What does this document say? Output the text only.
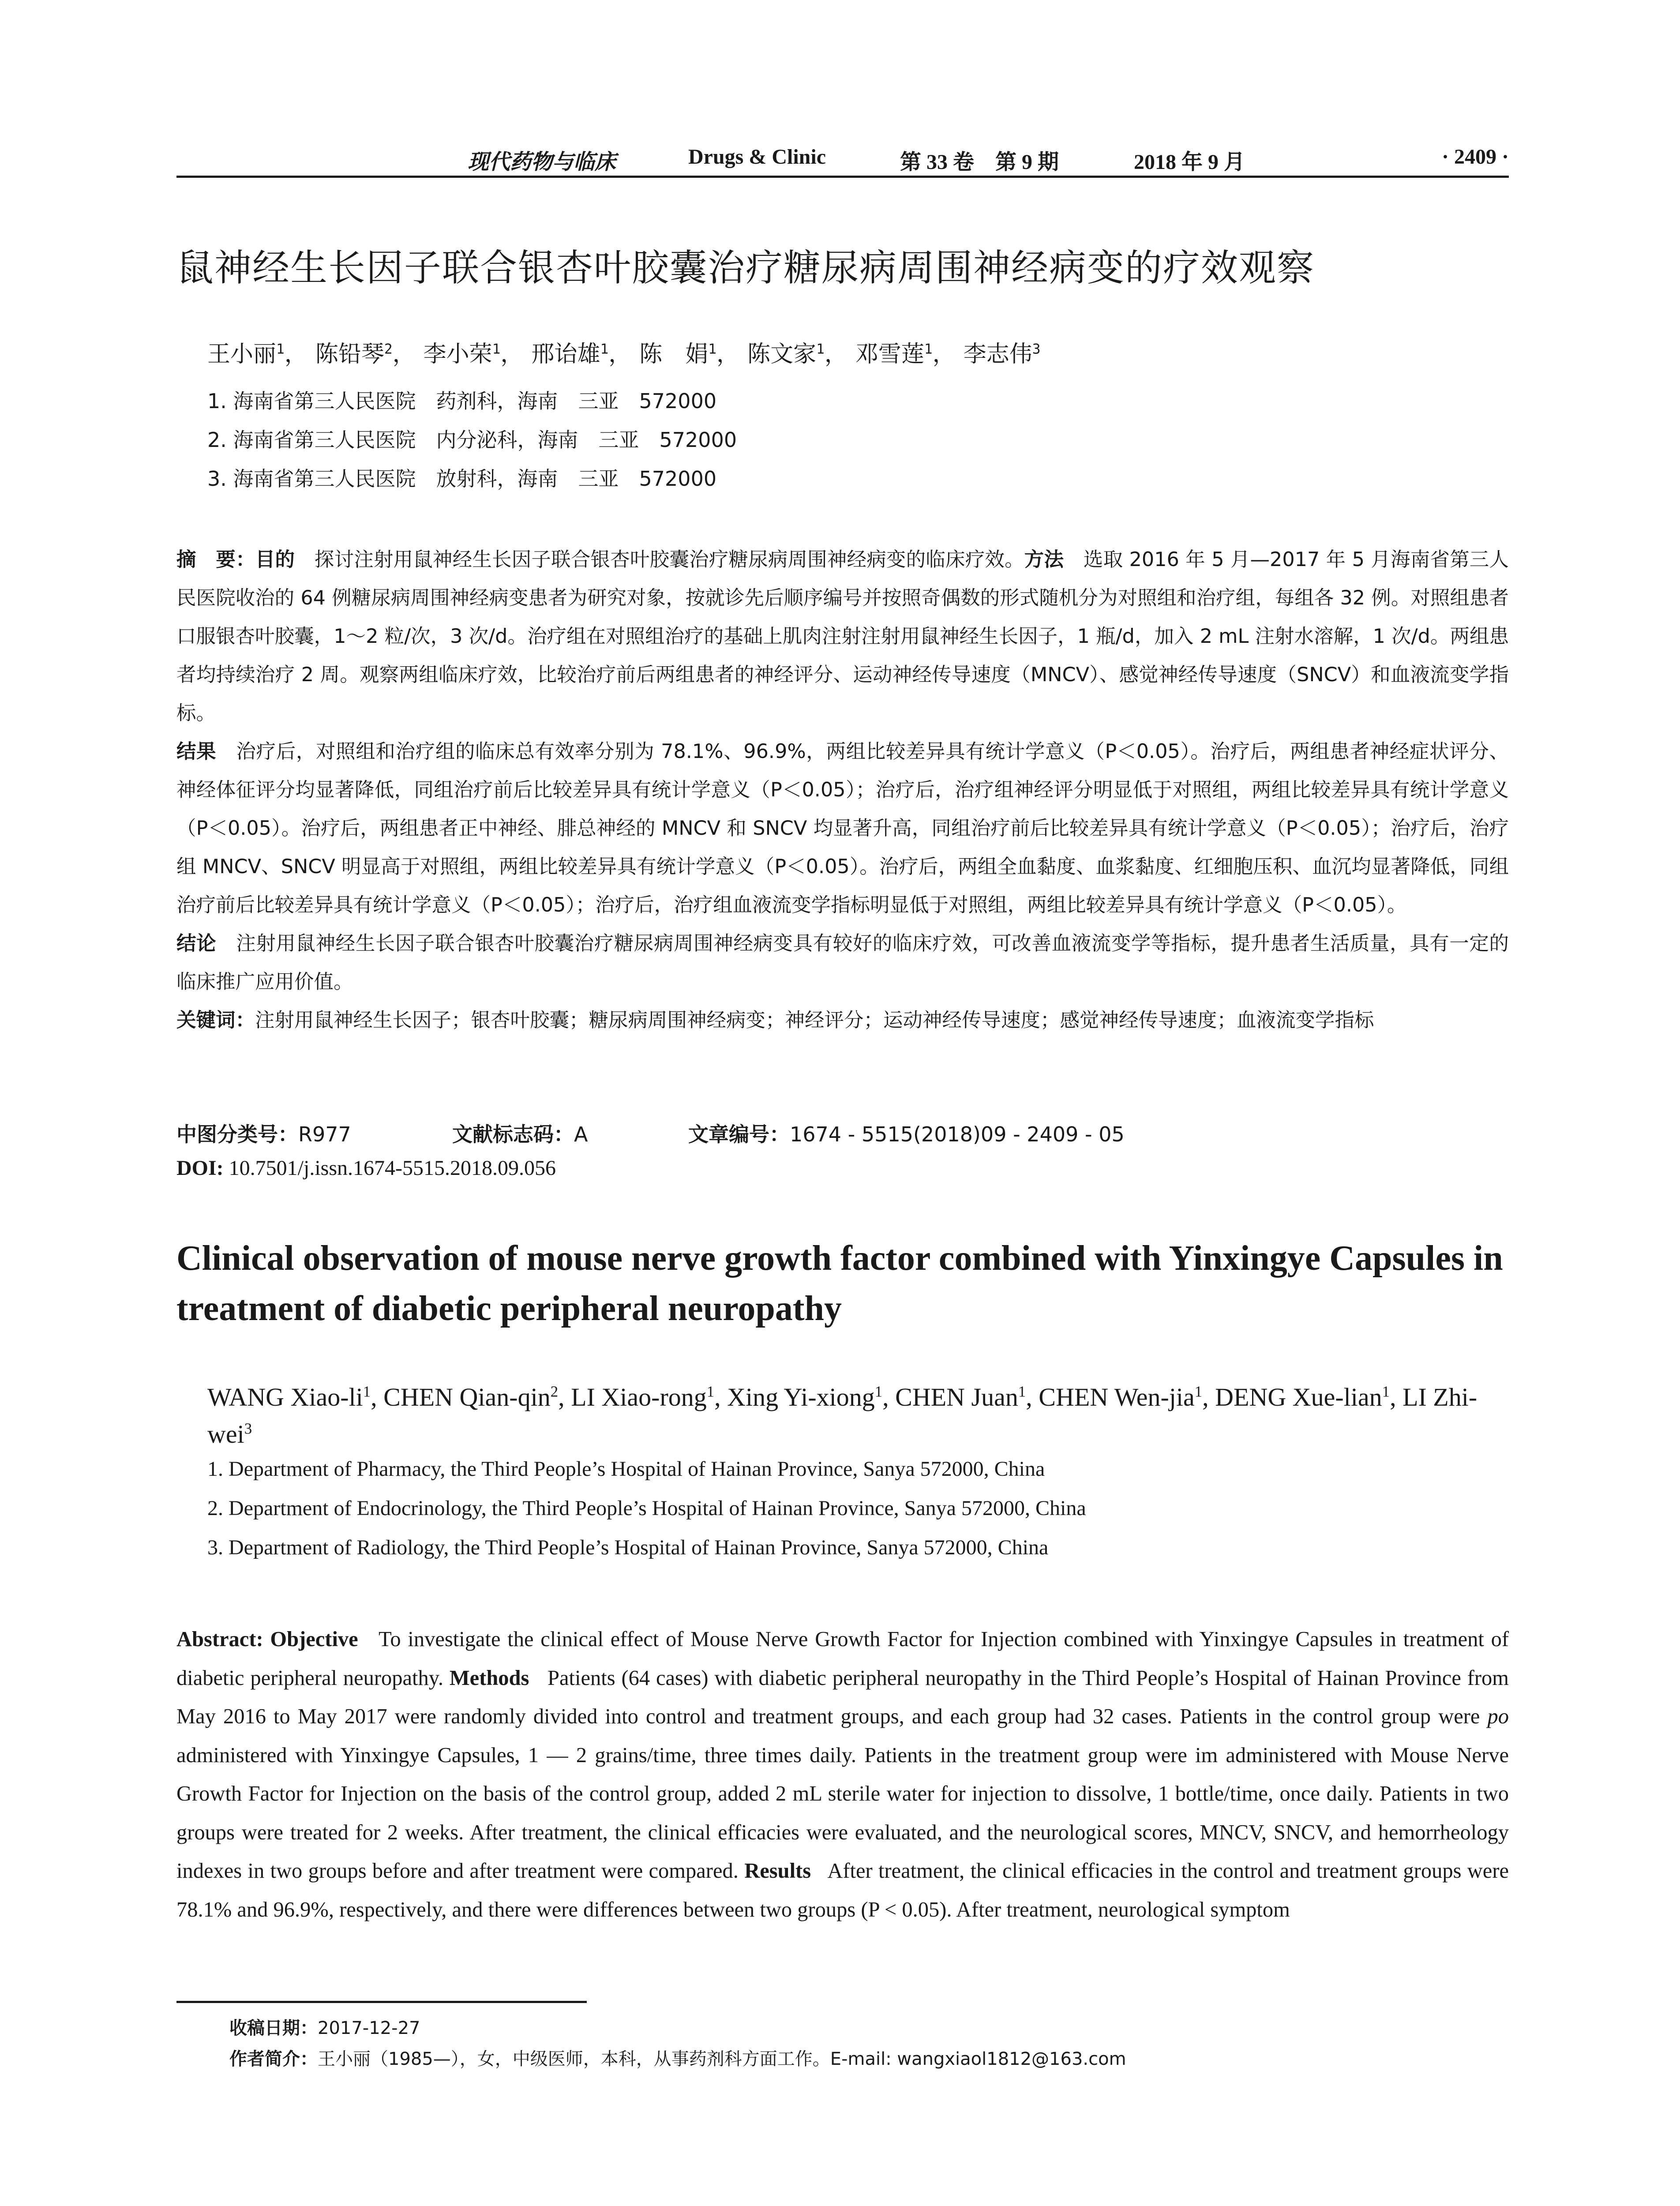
现代药物与临床	Drugs & Clinic	第 33 卷　第 9 期	2018 年 9 月	· 2409 ·
鼠神经生长因子联合银杏叶胶囊治疗糖尿病周围神经病变的疗效观察
王小丽$^1$， 陈铅琴$^2$， 李小荣$^1$， 邢诒雄$^1$， 陈　娟$^1$， 陈文家$^1$， 邓雪莲$^1$， 李志伟$^3$
1. 海南省第三人民医院　药剂科，海南　三亚　572000
2. 海南省第三人民医院　内分泌科，海南　三亚　572000
3. 海南省第三人民医院　放射科，海南　三亚　572000
摘　要：目的　 探讨注射用鼠神经生长因子联合银杏叶胶囊治疗糖尿病周围神经病变的临床疗效。方法　 选取 2016 年 5 月—2017 年 5 月海南省第三人民医院收治的 64 例糖尿病周围神经病变患者为研究对象，按就诊先后顺序编号并按照奇偶数的形式随机分为对照组和治疗组，每组各 32 例。对照组患者口服银杏叶胶囊，1～2 粒/次，3 次/d。治疗组在对照组治疗的基础上肌肉注射注射用鼠神经生长因子，1 瓶/d，加入 2 mL 注射水溶解，1 次/d。两组患者均持续治疗 2 周。观察两组临床疗效，比较治疗前后两组患者的神经评分、运动神经传导速度（MNCV）、感觉神经传导速度（SNCV）和血液流变学指标。
结果　 治疗后，对照组和治疗组的临床总有效率分别为 78.1%、96.9%，两组比较差异具有统计学意义（P＜0.05）。治疗后，两组患者神经症状评分、神经体征评分均显著降低，同组治疗前后比较差异具有统计学意义（P＜0.05）；治疗后，治疗组神经评分明显低于对照组，两组比较差异具有统计学意义（P＜0.05）。治疗后，两组患者正中神经、腓总神经的 MNCV 和 SNCV 均显著升高，同组治疗前后比较差异具有统计学意义（P＜0.05）；治疗后，治疗组 MNCV、SNCV 明显高于对照组，两组比较差异具有统计学意义（P＜0.05）。治疗后，两组全血黏度、血浆黏度、红细胞压积、血沉均显著降低，同组治疗前后比较差异具有统计学意义（P＜0.05）；治疗后，治疗组血液流变学指标明显低于对照组，两组比较差异具有统计学意义（P＜0.05）。
结论　 注射用鼠神经生长因子联合银杏叶胶囊治疗糖尿病周围神经病变具有较好的临床疗效，可改善血液流变学等指标，提升患者生活质量，具有一定的临床推广应用价值。
关键词：注射用鼠神经生长因子；银杏叶胶囊；糖尿病周围神经病变；神经评分；运动神经传导速度；感觉神经传导速度；血液流变学指标
中图分类号：R977	文献标志码：A	文章编号：1674 - 5515(2018)09 - 2409 - 05
DOI: 10.7501/j.issn.1674-5515.2018.09.056
Clinical observation of mouse nerve growth factor combined with Yinxingye Capsules in treatment of diabetic peripheral neuropathy
WANG Xiao-$li^1$, CHEN Qian-qin$^2$, LI Xiao-rong$^1$, Xing Yi-xiong$^1$, CHEN Juan$^1$, CHEN Wen-jia$^1$, DENG Xue-lian$^1$, LI Zhi-wei$^3$
1. Department of Pharmacy, the Third People’s Hospital of Hainan Province, Sanya 572000, China
2. Department of Endocrinology, the Third People’s Hospital of Hainan Province, Sanya 572000, China
3. Department of Radiology, the Third People’s Hospital of Hainan Province, Sanya 572000, China
Abstract: Objective To investigate the clinical effect of Mouse Nerve Growth Factor for Injection combined with Yinxingye Capsules in treatment of diabetic peripheral neuropathy. Methods Patients (64 cases) with diabetic peripheral neuropathy in the Third People’s Hospital of Hainan Province from May 2016 to May 2017 were randomly divided into control and treatment groups, and each group had 32 cases. Patients in the control group were po administered with Yinxingye Capsules, 1 — 2 grains/time, three times daily. Patients in the treatment group were im administered with Mouse Nerve Growth Factor for Injection on the basis of the control group, added 2 mL sterile water for injection to dissolve, 1 bottle/time, once daily. Patients in two groups were treated for 2 weeks. After treatment, the clinical efficacies were evaluated, and the neurological scores, MNCV, SNCV, and hemorrheology indexes in two groups before and after treatment were compared. Results After treatment, the clinical efficacies in the control and treatment groups were 78.1% and 96.9%, respectively, and there were differences between two groups (P < 0.05). After treatment, neurological symptom
收稿日期：2017-12-27
作者简介：王小丽（1985—），女，中级医师，本科，从事药剂科方面工作。E-mail: wangxiaol1812@163.com
